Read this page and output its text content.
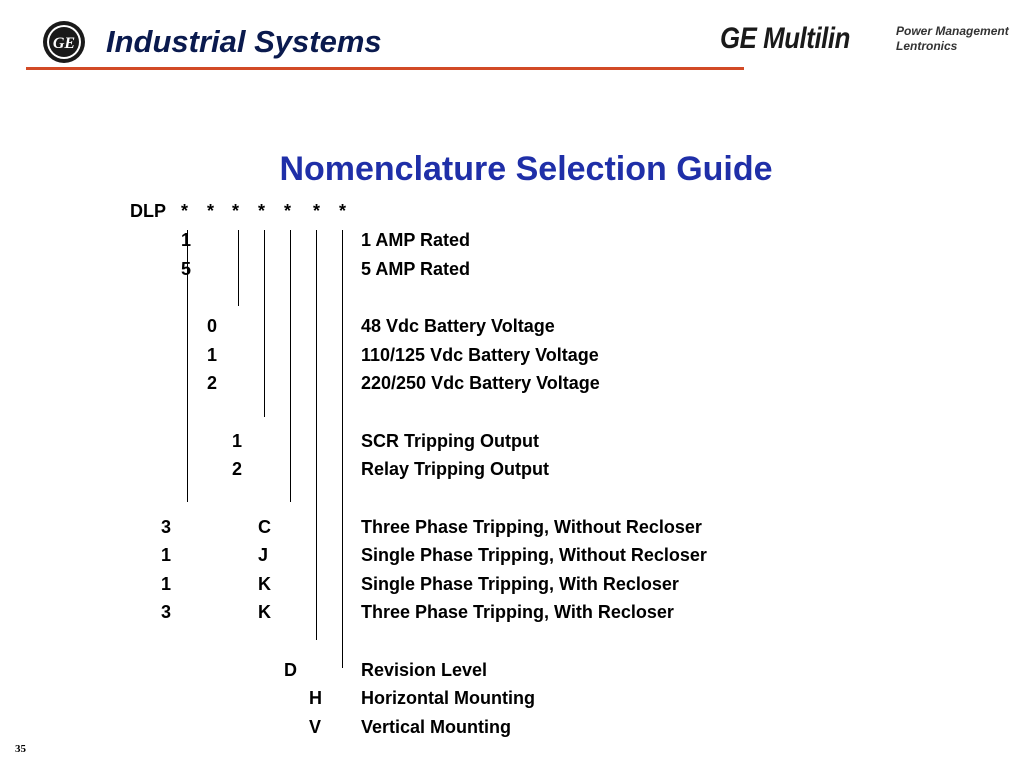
GE Industrial Systems	GE Multilin	Power Management
Lentronics
Nomenclature Selection Guide
DLP * * * * * * *
1	1 AMP Rated
5	5 AMP Rated
0	48 Vdc Battery Voltage
1	110/125 Vdc Battery Voltage
2	220/250 Vdc Battery Voltage
1	SCR Tripping Output
2	Relay Tripping Output
3	C	Three Phase Tripping, Without Recloser
1	J	Single Phase Tripping, Without Recloser
1	K	Single Phase Tripping, With Recloser
3	K	Three Phase Tripping, With Recloser
D	Revision Level
H Horizontal Mounting
V Vertical Mounting
35
